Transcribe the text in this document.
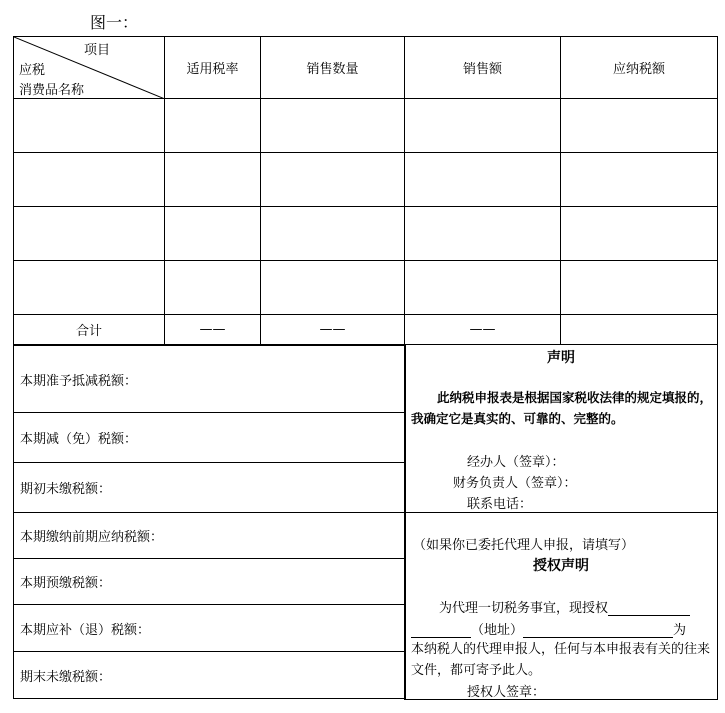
图一：
项目
应税
消费品名称	适用税率	销售数量	销售额	应纳税额

合计	——	——	——	
本期准予抵减税额：
本期减（免）税额：
期初未缴税额：
本期缴纳前期应纳税额：
本期预缴税额：
本期应补（退）税额：
期末未缴税额：
声明
此纳税申报表是根据国家税收法律的规定填报的，我确定它是真实的、可靠的、完整的。
经办人（签章）：
财务负责人（签章）：
联系电话：
（如果你已委托代理人申报，请填写）
授权声明
为代理一切税务事宜，现授权
（地址）	为
本纳税人的代理申报人，任何与本申报表有关的往来文件，都可寄予此人。
授权人签章：
